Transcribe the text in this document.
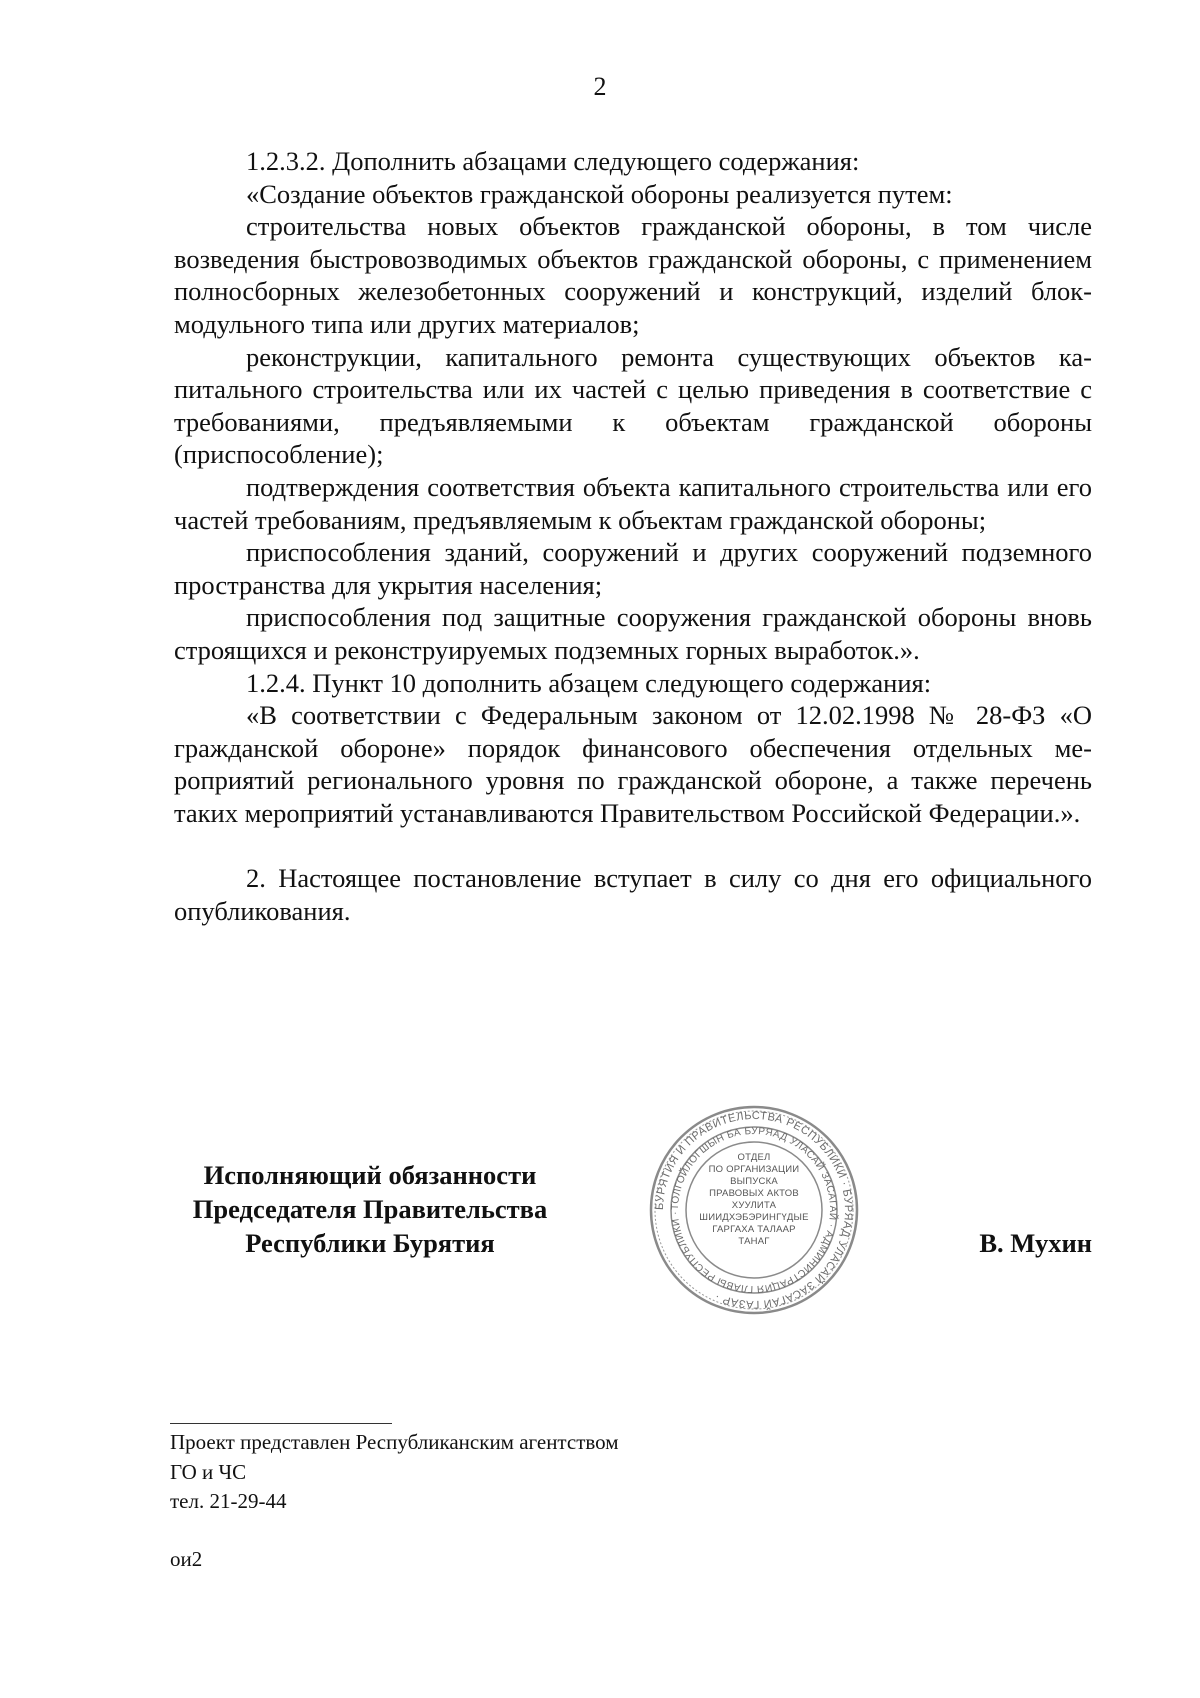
2

1.2.3.2. Дополнить абзацами следующего содержания:

«Создание объектов гражданской обороны реализуется путем:

строительства новых объектов гражданской обороны, в том числе возведения быстровозводимых объектов гражданской обороны, с применением полносборных железобетонных сооружений и конструкций, изделий блок-модульного типа или других материалов;

реконструкции, капитального ремонта существующих объектов капитального строительства или их частей с целью приведения в соответствие с требованиями, предъявляемыми к объектам гражданской обороны (приспособление);

подтверждения соответствия объекта капитального строительства или его частей требованиям, предъявляемым к объектам гражданской обороны;

приспособления зданий, сооружений и других сооружений подземного пространства для укрытия населения;

приспособления под защитные сооружения гражданской обороны вновь строящихся и реконструируемых подземных горных выработок.».

1.2.4. Пункт 10 дополнить абзацем следующего содержания:

«В соответствии с Федеральным законом от 12.02.1998 № 28-ФЗ «О гражданской обороне» порядок финансового обеспечения отдельных мероприятий регионального уровня по гражданской обороне, а также перечень таких мероприятий устанавливаются Правительством Российской Федерации.».

2. Настоящее постановление вступает в силу со дня его официального опубликования.

Исполняющий обязанности
Председателя Правительства
Республики Бурятия
БУРЯТИЯ И ПРАВИТЕЛЬСТВА РЕСПУБЛИКИ · БУРЯАД УЛАСАЙ ЗАСАГАЙ ГАЗАР ·
ТОЛГОЙЛОГШЫН БА БУРЯАД УЛАСАЙ ЗАСАГАЙ · АДМИНИСТРАЦИЯ ГЛАВЫ РЕСПУБЛИКИ ·
ОТДЕЛ
ПО ОРГАНИЗАЦИИ
ВЫПУСКА
ПРАВОВЫХ АКТОВ
ХУУЛИТА
ШИИДХЭБЭРИНГҮДЫЕ
ГАРГАХА ТАЛААР
ТАНАГ	В. Мухин
Проект представлен Республиканским агентством
ГО и ЧС
тел. 21-29-44
ои2
